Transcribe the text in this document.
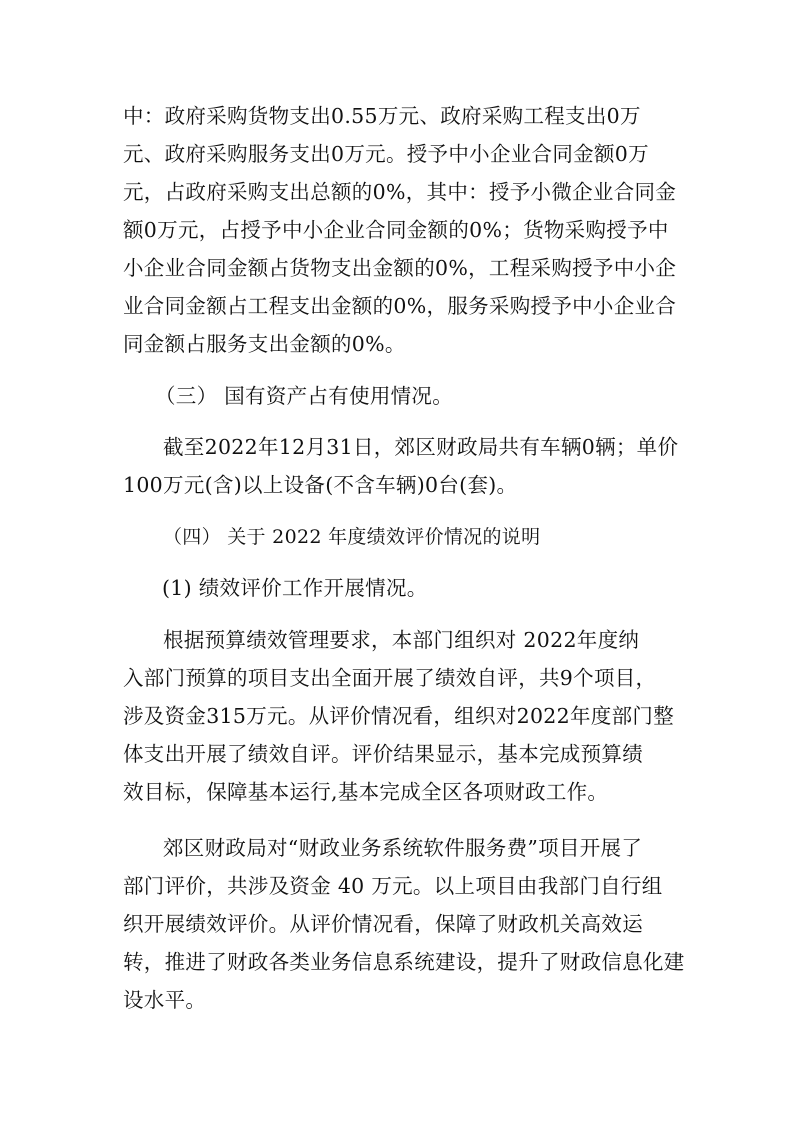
中：政府采购货物支出0.55万元、政府采购工程支出0万
元、政府采购服务支出0万元。授予中小企业合同金额0万
元，占政府采购支出总额的0%，其中：授予小微企业合同金
额0万元，占授予中小企业合同金额的0%；货物采购授予中
小企业合同金额占货物支出金额的0%，工程采购授予中小企
业合同金额占工程支出金额的0%，服务采购授予中小企业合
同金额占服务支出金额的0%。
（三） 国有资产占有使用情况。
截至2022年12月31日，郊区财政局共有车辆0辆；单价
100万元(含)以上设备(不含车辆)0台(套)。
（四） 关于 2022 年度绩效评价情况的说明
(1) 绩效评价工作开展情况。
根据预算绩效管理要求，本部门组织对 2022年度纳
入部门预算的项目支出全面开展了绩效自评，共9个项目，
涉及资金315万元。从评价情况看，组织对2022年度部门整
体支出开展了绩效自评。评价结果显示，基本完成预算绩
效目标，保障基本运行,基本完成全区各项财政工作。
郊区财政局对“财政业务系统软件服务费”项目开展了
部门评价，共涉及资金 40 万元。以上项目由我部门自行组
织开展绩效评价。从评价情况看，保障了财政机关高效运
转，推进了财政各类业务信息系统建设，提升了财政信息化建
设水平。
